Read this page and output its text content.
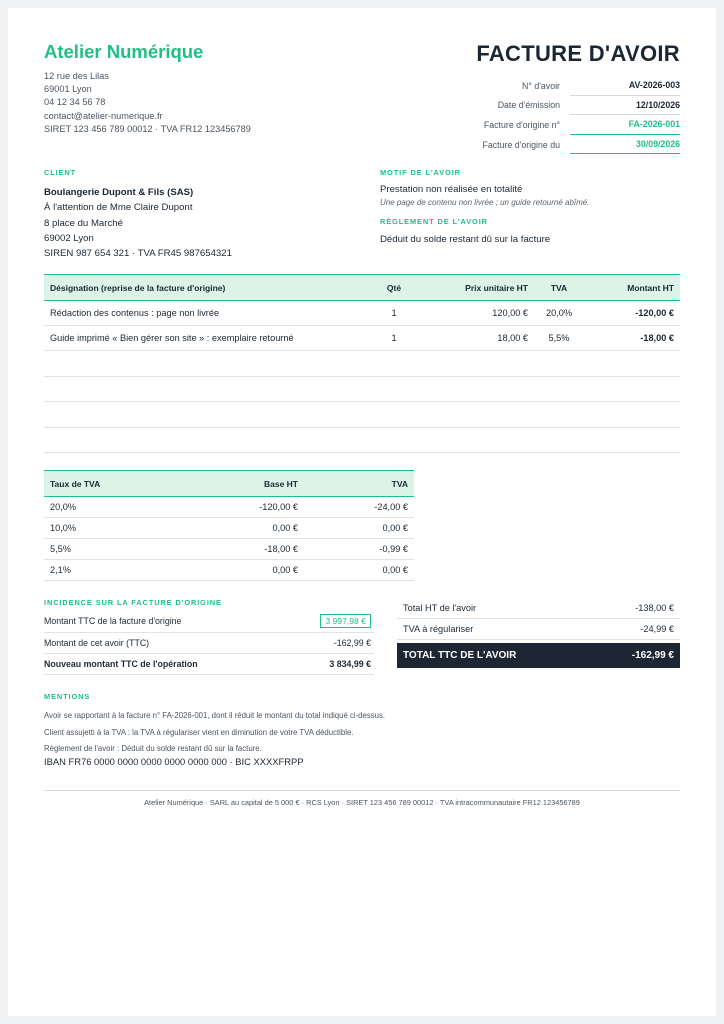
Atelier Numérique
12 rue des Lilas
69001 Lyon
04 12 34 56 78
contact@atelier-numerique.fr
SIRET 123 456 789 00012 · TVA FR12 123456789
FACTURE D'AVOIR
N° d'avoir	AV-2026-003
Date d'émission	12/10/2026
Facture d'origine n°	FA-2026-001
Facture d'origine du	30/09/2026
CLIENT
Boulangerie Dupont & Fils (SAS)
À l'attention de Mme Claire Dupont
8 place du Marché
69002 Lyon
SIREN 987 654 321 · TVA FR45 987654321
MOTIF DE L'AVOIR
Prestation non réalisée en totalité
Une page de contenu non livrée ; un guide retourné abîmé.
RÈGLEMENT DE L'AVOIR
Déduit du solde restant dû sur la facture
Désignation (reprise de la facture d'origine)	Qté	Prix unitaire HT	TVA	Montant HT
Rédaction des contenus : page non livrée	1	120,00 €	20,0%	-120,00 €
Guide imprimé « Bien gérer son site » : exemplaire retourné	1	18,00 €	5,5%	-18,00 €

Taux de TVA	Base HT	TVA
20,0%	-120,00 €	-24,00 €
10,0%	0,00 €	0,00 €
5,5%	-18,00 €	-0,99 €
2,1%	0,00 €	0,00 €
INCIDENCE SUR LA FACTURE D'ORIGINE
Montant TTC de la facture d'origine	3 997,98 €
Montant de cet avoir (TTC)	-162,99 €
Nouveau montant TTC de l'opération	3 834,99 €
Total HT de l'avoir	-138,00 €
TVA à régulariser	-24,99 €
TOTAL TTC DE L'AVOIR	-162,99 €
MENTIONS
Avoir se rapportant à la facture n° FA-2026-001, dont il réduit le montant du total indiqué ci-dessus.
Client assujetti à la TVA : la TVA à régulariser vient en diminution de votre TVA déductible.
Règlement de l'avoir : Déduit du solde restant dû sur la facture.
IBAN FR76 0000 0000 0000 0000 0000 000 · BIC XXXXFRPP
Atelier Numérique · SARL au capital de 5 000 € · RCS Lyon · SIRET 123 456 789 00012 · TVA intracommunautaire FR12 123456789
